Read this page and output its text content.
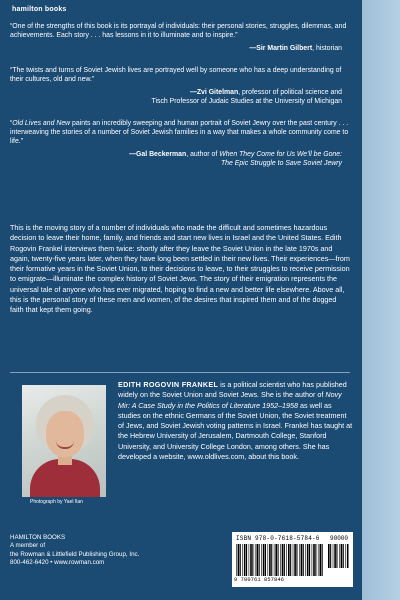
hamilton books
“One of the strengths of this book is its portrayal of individuals: their personal stories, struggles, dilemmas, and achievements. Each story . . . has lessons in it to illuminate and to inspire.”
—Sir Martin Gilbert, historian
“The twists and turns of Soviet Jewish lives are portrayed well by someone who has a deep understanding of their cultures, old and new.”
—Zvi Gitelman, professor of political science and
Tisch Professor of Judaic Studies at the University of Michigan
“Old Lives and New paints an incredibly sweeping and human portrait of Soviet Jewry over the past century . . . interweaving the stories of a number of Soviet Jewish families in a way that makes a whole community come to life.”
—Gal Beckerman, author of When They Come for Us We’ll be Gone:
The Epic Struggle to Save Soviet Jewry
This is the moving story of a number of individuals who made the difficult and sometimes hazardous decision to leave their home, family, and friends and start new lives in Israel and the United States. Edith Rogovin Frankel interviews them twice: shortly after they leave the Soviet Union in the late 1970s and again, twenty-five years later, when they have long been settled in their new lives. Their experiences—from their formative years in the Soviet Union, to their decisions to leave, to their struggles to receive permission to emigrate—illuminate the complex history of Soviet Jews. The story of their emigration represents the universal tale of anyone who has ever migrated, hoping to find a new and better life elsewhere. Above all, this is the personal story of these men and women, of the desires that inspired them and of the dogged faith that kept them going.
Photograph by Yael Ilan
EDITH ROGOVIN FRANKEL is a political scientist who has published widely on the Soviet Union and Soviet Jews. She is the author of Novy Mir: A Case Study in the Politics of Literature 1952–1958 as well as studies on the ethnic Germans of the Soviet Union, the Soviet treatment of Jews, and Soviet Jewish voting patterns in Israel. Frankel has taught at the Hebrew University of Jerusalem, Dartmouth College, Stanford University, and University College London, among others. She has developed a website, www.oldlives.com, about this book.
HAMILTON BOOKS
A member of
the Rowman & Littlefield Publishing Group, Inc.
800-462-6420 • www.rowman.com
ISBN 978-0-7618-5784-6 90000
9 780761 857846
